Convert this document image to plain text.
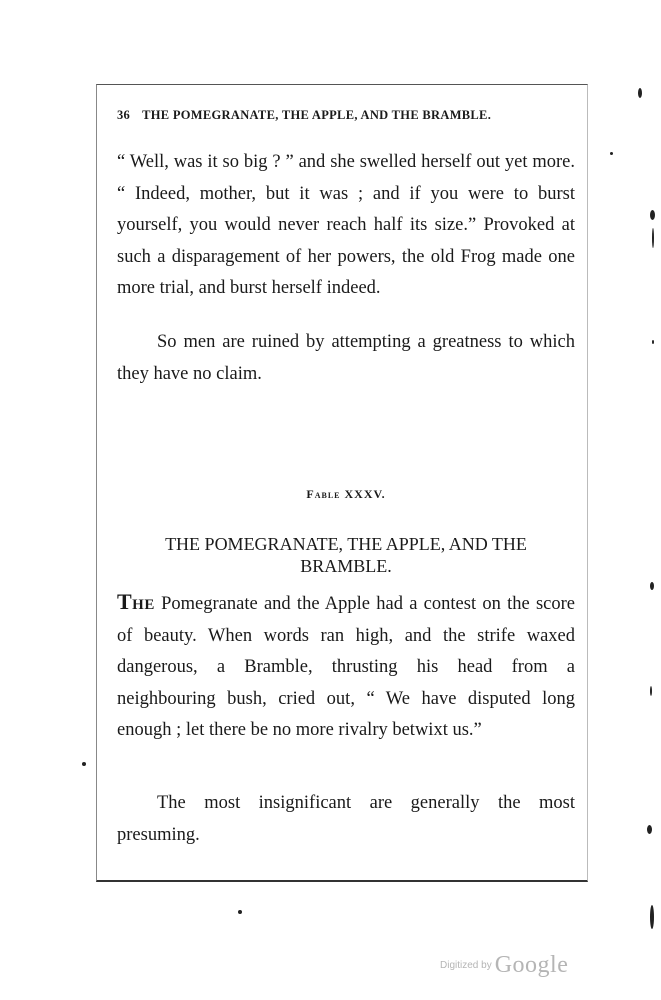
36 THE POMEGRANATE, THE APPLE, AND THE BRAMBLE.
“ Well, was it so big ? ” and she swelled herself out yet more. “ Indeed, mother, but it was ; and if you were to burst yourself, you would never reach half its size.” Provoked at such a disparagement of her powers, the old Frog made one more trial, and burst herself indeed.
So men are ruined by attempting a greatness to which they have no claim.
Fable XXXV.
THE POMEGRANATE, THE APPLE, AND THE
BRAMBLE.
The Pomegranate and the Apple had a contest on the score of beauty. When words ran high, and the strife waxed dangerous, a Bramble, thrusting his head from a neighbouring bush, cried out, “ We have disputed long enough ; let there be no more rivalry betwixt us.”
The most insignificant are generally the most presuming.
$^{Digitized by}$ Google
